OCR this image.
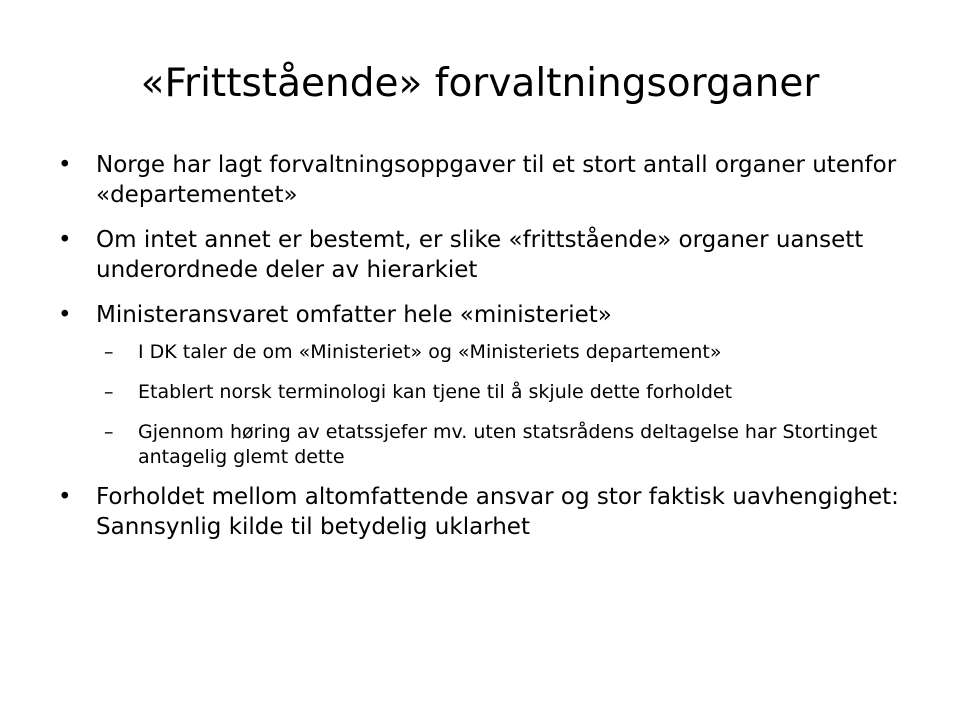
«Frittstående» forvaltningsorganer
• Norge har lagt forvaltningsoppgaver til et stort antall organer utenfor «departementet»
• Om intet annet er bestemt, er slike «frittstående» organer uansett underordnede deler av hierarkiet
• Ministeransvaret omfatter hele «ministeriet»
–	I DK taler de om «Ministeriet» og «Ministeriets departement»
–	Etablert norsk terminologi kan tjene til å skjule dette forholdet
–	Gjennom høring av etatssjefer mv. uten statsrådens deltagelse har Stortinget antagelig glemt dette
• Forholdet mellom altomfattende ansvar og stor faktisk uavhengighet: Sannsynlig kilde til betydelig uklarhet
